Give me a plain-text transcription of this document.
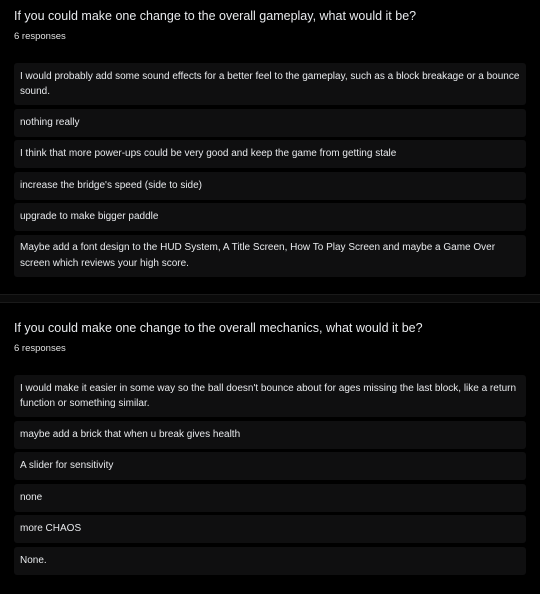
If you could make one change to the overall gameplay, what would it be?
6 responses
I would probably add some sound effects for a better feel to the gameplay, such as a block breakage or a bounce sound.
nothing really
I think that more power-ups could be very good and keep the game from getting stale
increase the bridge's speed (side to side)
upgrade to make bigger paddle
Maybe add a font design to the HUD System, A Title Screen, How To Play Screen and maybe a Game Over screen which reviews your high score.
If you could make one change to the overall mechanics, what would it be?
6 responses
I would make it easier in some way so the ball doesn't bounce about for ages missing the last block, like a return function or something similar.
maybe add a brick that when u break gives health
A slider for sensitivity
none
more CHAOS
None.
